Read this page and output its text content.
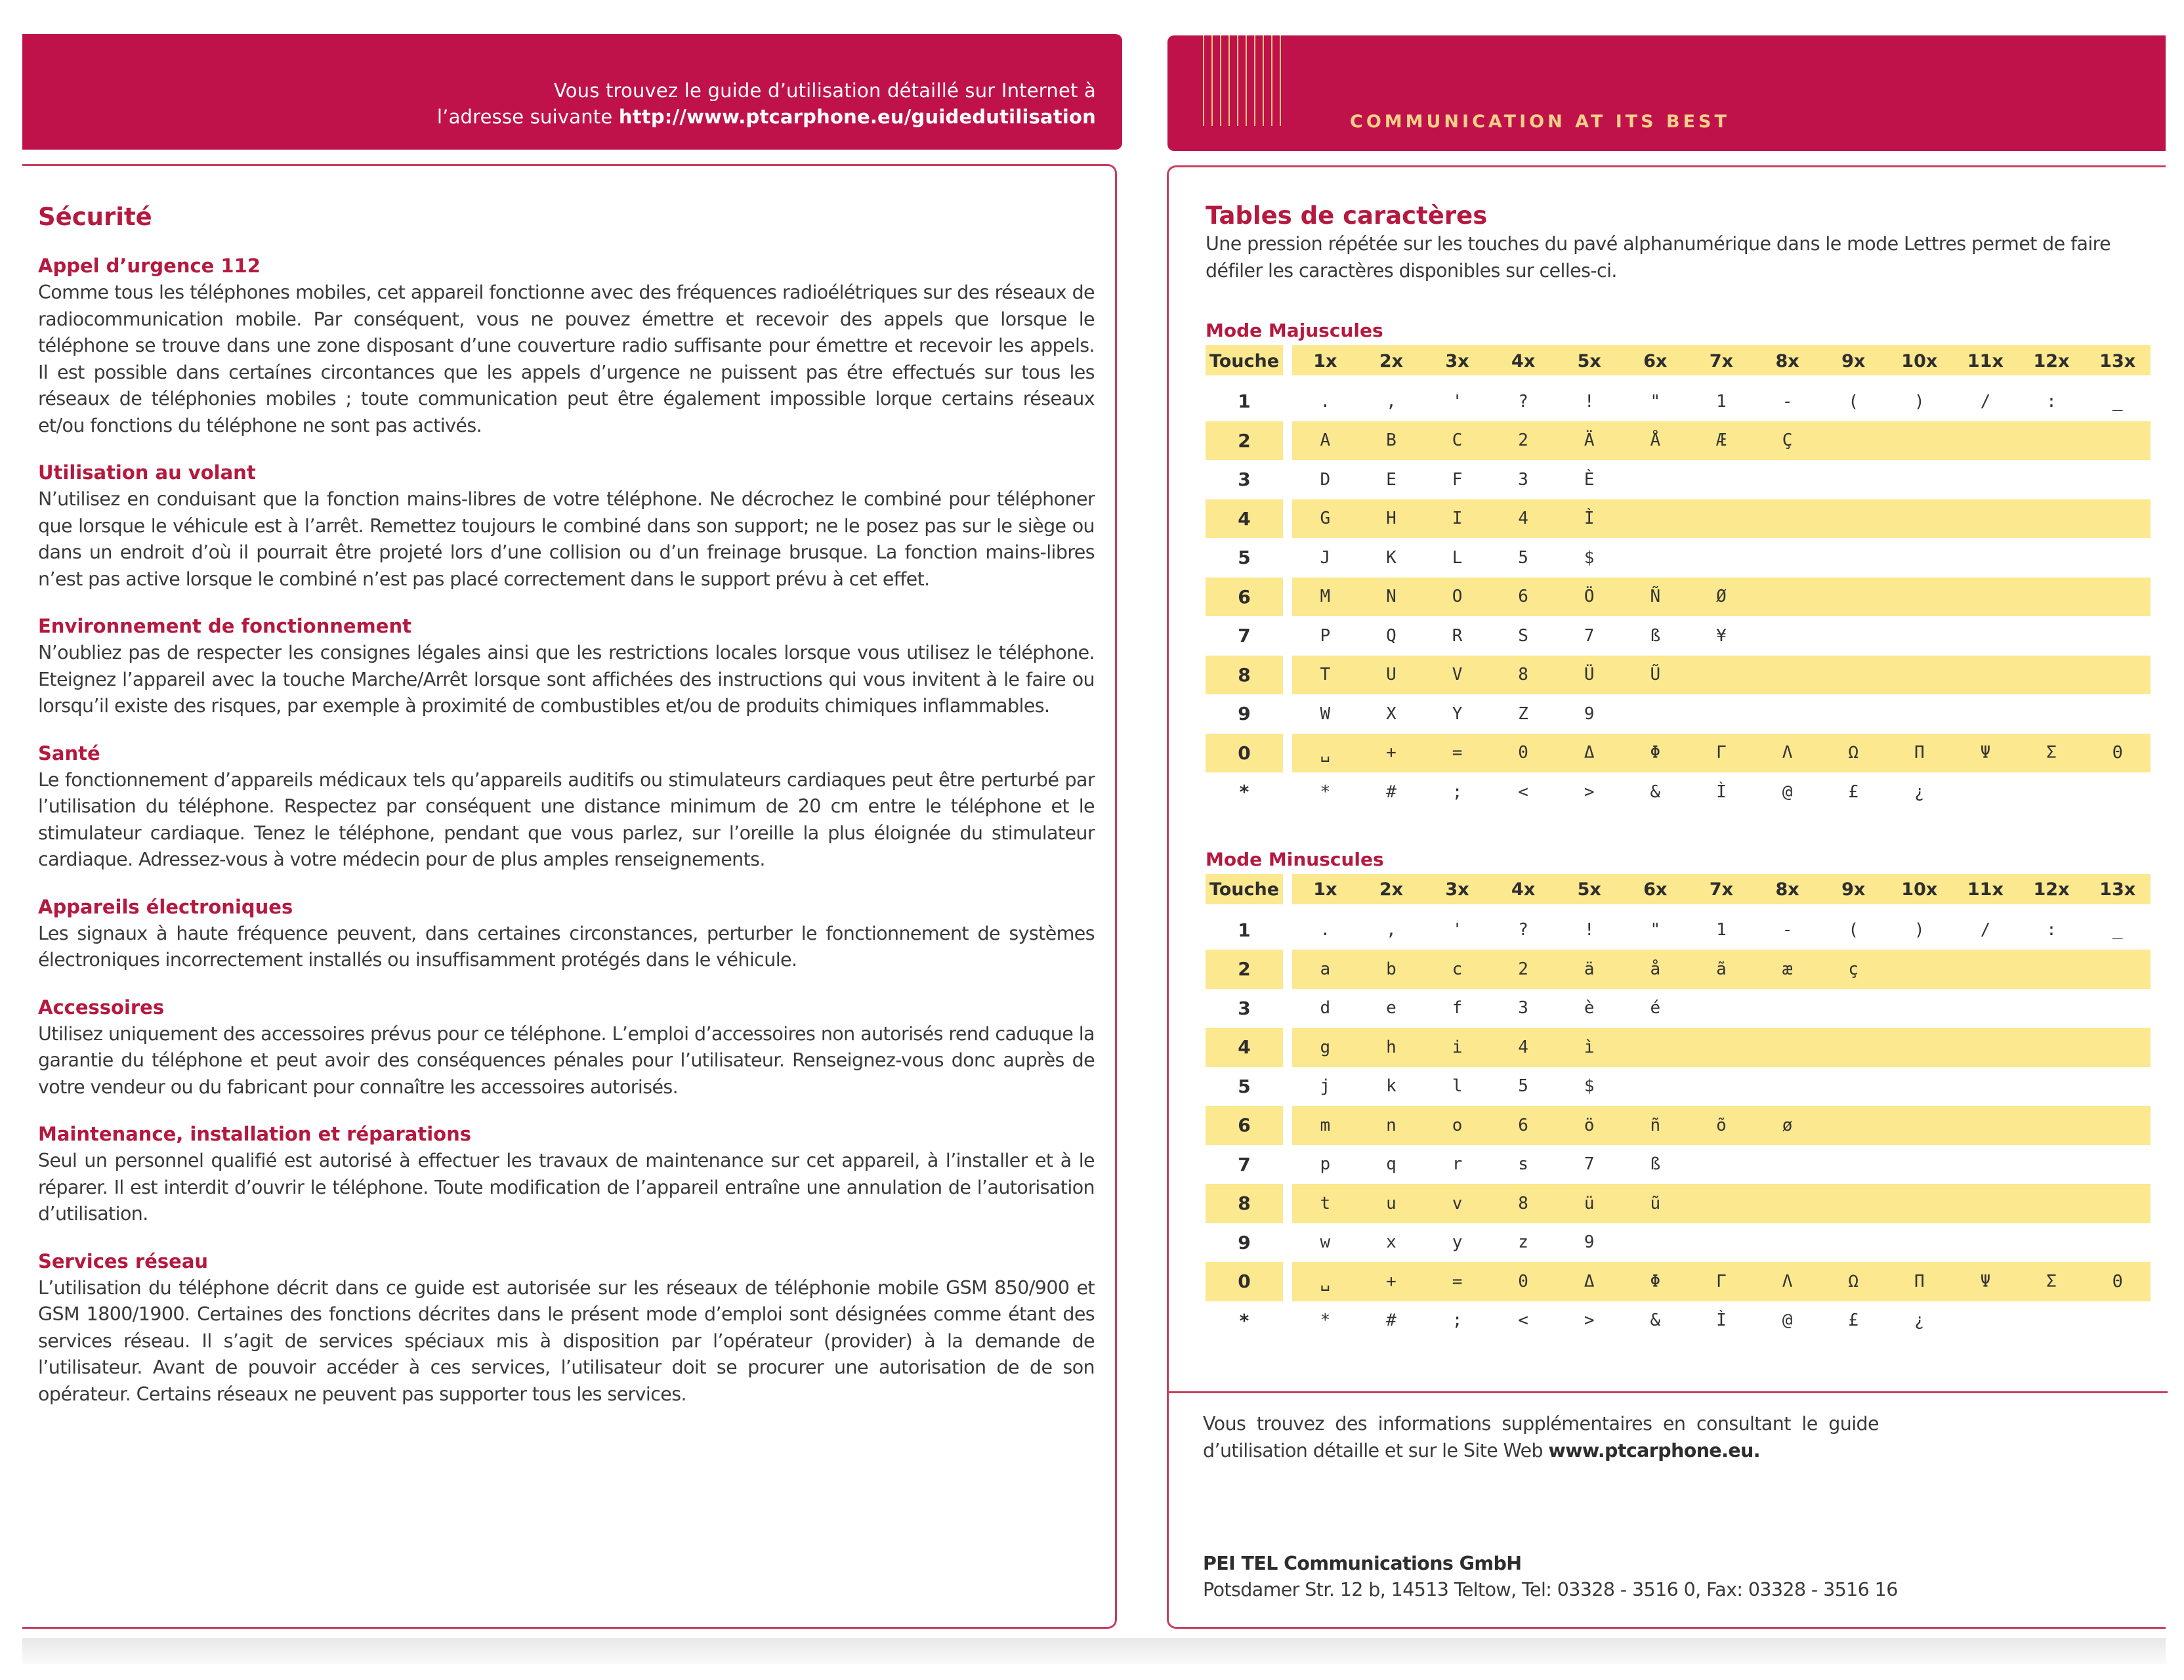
Vous trouvez le guide d’utilisation détaillé sur Internet à
l’adresse suivante http://www.ptcarphone.eu/guidedutilisation	COMMUNICATION AT ITS BEST
Sécurité
Appel d’urgence 112
Comme tous les téléphones mobiles, cet appareil fonctionne avec des fréquences radioélétriques sur des réseaux de radiocommunication mobile. Par conséquent, vous ne pouvez émettre et recevoir des appels que lorsque le téléphone se trouve dans une zone disposant d’une couverture radio suffisante pour émettre et recevoir les appels. Il est possible dans certaínes circontances que les appels d’urgence ne puissent pas étre effectués sur tous les réseaux de téléphonies mobiles ; toute communication peut être également impossible lorque certains réseaux et/ou fonctions du téléphone ne sont pas activés.
Utilisation au volant
N’utilisez en conduisant que la fonction mains-libres de votre téléphone. Ne décrochez le combiné pour téléphoner que lorsque le véhicule est à l’arrêt. Remettez toujours le combiné dans son support; ne le posez pas sur le siège ou dans un endroit d’où il pourrait être projeté lors d’une collision ou d’un freinage brusque. La fonction mains-libres n’est pas active lorsque le combiné n’est pas placé correctement dans le support prévu à cet effet.
Environnement de fonctionnement
N’oubliez pas de respecter les consignes légales ainsi que les restrictions locales lorsque vous utilisez le téléphone. Eteignez l’appareil avec la touche Marche/Arrêt lorsque sont affichées des instructions qui vous invitent à le faire ou lorsqu’il existe des risques, par exemple à proximité de combustibles et/ou de produits chimiques inflammables.
Santé
Le fonctionnement d’appareils médicaux tels qu’appareils auditifs ou stimulateurs cardiaques peut être perturbé par l’utilisation du téléphone. Respectez par conséquent une distance minimum de 20 cm entre le téléphone et le stimulateur cardiaque. Tenez le téléphone, pendant que vous parlez, sur l’oreille la plus éloignée du stimulateur cardiaque. Adressez-vous à votre médecin pour de plus amples renseignements.
Appareils électroniques
Les signaux à haute fréquence peuvent, dans certaines circonstances, perturber le fonctionnement de systèmes électroniques incorrectement installés ou insuffisamment protégés dans le véhicule.
Accessoires
Utilisez uniquement des accessoires prévus pour ce téléphone. L’emploi d’accessoires non autorisés rend caduque la garantie du téléphone et peut avoir des conséquences pénales pour l’utilisateur. Renseignez-vous donc auprès de votre vendeur ou du fabricant pour connaître les accessoires autorisés.
Maintenance, installation et réparations
Seul un personnel qualifié est autorisé à effectuer les travaux de maintenance sur cet appareil, à l’installer et à le réparer. Il est interdit d’ouvrir le téléphone. Toute modification de l’appareil entraîne une annulation de l’autorisation d’utilisation.
Services réseau
L’utilisation du téléphone décrit dans ce guide est autorisée sur les réseaux de téléphonie mobile GSM 850/900 et GSM 1800/1900. Certaines des fonctions décrites dans le présent mode d’emploi sont désignées comme étant des services réseau. Il s’agit de services spéciaux mis à disposition par l’opérateur (provider) à la demande de l’utilisateur. Avant de pouvoir accéder à ces services, l’utilisateur doit se procurer une autorisation de de son opérateur. Certains réseaux ne peuvent pas supporter tous les services.
Tables de caractères
Une pression répétée sur les touches du pavé alphanumérique dans le mode Lettres permet de faire défiler les caractères disponibles sur celles-ci.
Mode Majuscules
Touche		1x	2x	3x	4x	5x	6x	7x	8x	9x	10x	11x	12x	13x

1		.	,	'	?	!	"	1	-	(	)	/	:	_
2		A	B	C	2	Ä	Å	Æ	Ç					
3		D	E	F	3	È								
4		G	H	I	4	Ì								
5		J	K	L	5	$								
6		M	N	O	6	Ö	Ñ	Ø						
7		P	Q	R	S	7	ß	¥						
8		T	U	V	8	Ü	Ũ							
9		W	X	Y	Z	9								
0		␣	+	=	0	Δ	Φ	Γ	Λ	Ω	Π	Ψ	Σ	Θ
*		*	#	;	<	>	&	Ì	@	£	¿			
Mode Minuscules
Touche		1x	2x	3x	4x	5x	6x	7x	8x	9x	10x	11x	12x	13x

1		.	,	'	?	!	"	1	-	(	)	/	:	_
2		a	b	c	2	ä	å	ã	æ	ç				
3		d	e	f	3	è	é							
4		g	h	i	4	ì								
5		j	k	l	5	$								
6		m	n	o	6	ö	ñ	õ	ø					
7		p	q	r	s	7	ß							
8		t	u	v	8	ü	ũ							
9		w	x	y	z	9								
0		␣	+	=	0	Δ	Φ	Γ	Λ	Ω	Π	Ψ	Σ	Θ
*		*	#	;	<	>	&	Ì	@	£	¿			
Vous trouvez des informations supplémentaires en consultant le guide d’utilisation détaille et sur le Site Web www.ptcarphone.eu.
PEI TEL Communications GmbH
Potsdamer Str. 12 b, 14513 Teltow, Tel: 03328 - 3516 0, Fax: 03328 - 3516 16
